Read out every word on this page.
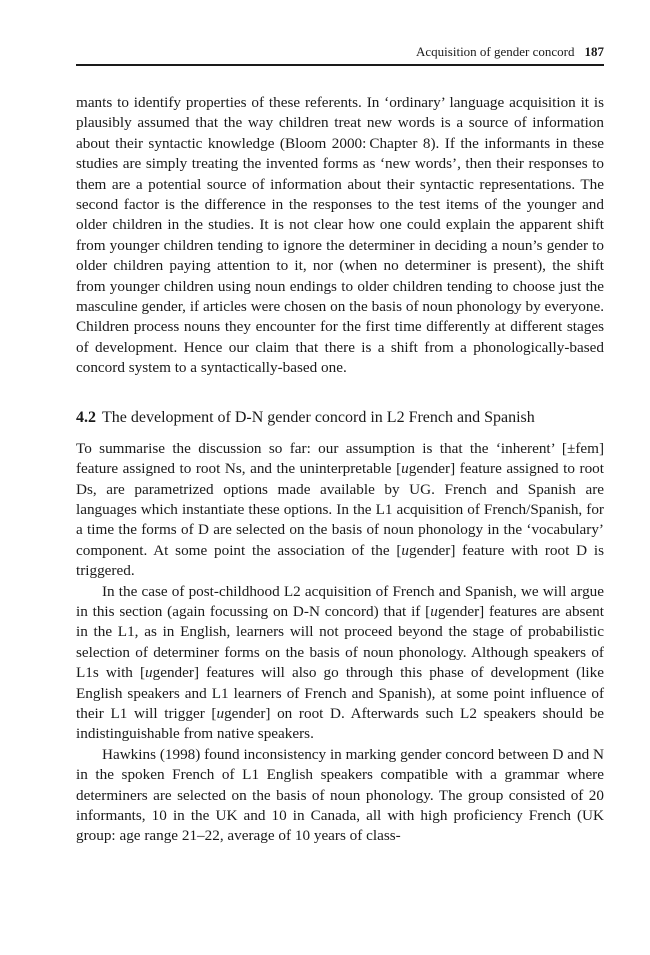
Acquisition of gender concord 187

mants to identify properties of these referents. In ‘ordinary’ language acquisition it is plausibly assumed that the way children treat new words is a source of information about their syntactic knowledge (Bloom 2000: Chapter 8). If the informants in these studies are simply treating the invented forms as ‘new words’, then their responses to them are a potential source of information about their syntactic representations. The second factor is the difference in the responses to the test items of the younger and older children in the studies. It is not clear how one could explain the apparent shift from younger children tending to ignore the determiner in deciding a noun’s gender to older children paying attention to it, nor (when no determiner is present), the shift from younger children using noun endings to older children tending to choose just the masculine gender, if articles were chosen on the basis of noun phonology by everyone. Children process nouns they encounter for the first time differently at different stages of development. Hence our claim that there is a shift from a phonologically-based concord system to a syntactically-based one.

4.2 The development of D-N gender concord in L2 French and Spanish

To summarise the discussion so far: our assumption is that the ‘inherent’ [±fem] feature assigned to root Ns, and the uninterpretable [ugender] feature assigned to root Ds, are parametrized options made available by UG. French and Spanish are languages which instantiate these options. In the L1 acquisition of French/Spanish, for a time the forms of D are selected on the basis of noun phonology in the ‘vocabulary’ component. At some point the association of the [ugender] feature with root D is triggered.

In the case of post-childhood L2 acquisition of French and Spanish, we will argue in this section (again focussing on D-N concord) that if [ugender] features are absent in the L1, as in English, learners will not proceed beyond the stage of probabilistic selection of determiner forms on the basis of noun phonology. Although speakers of L1s with [ugender] features will also go through this phase of development (like English speakers and L1 learners of French and Spanish), at some point influence of their L1 will trigger [ugender] on root D. Afterwards such L2 speakers should be indistinguishable from native speakers.

Hawkins (1998) found inconsistency in marking gender concord between D and N in the spoken French of L1 English speakers compatible with a grammar where determiners are selected on the basis of noun phonology. The group consisted of 20 informants, 10 in the UK and 10 in Canada, all with high proficiency French (UK group: age range 21–22, average of 10 years of class-
